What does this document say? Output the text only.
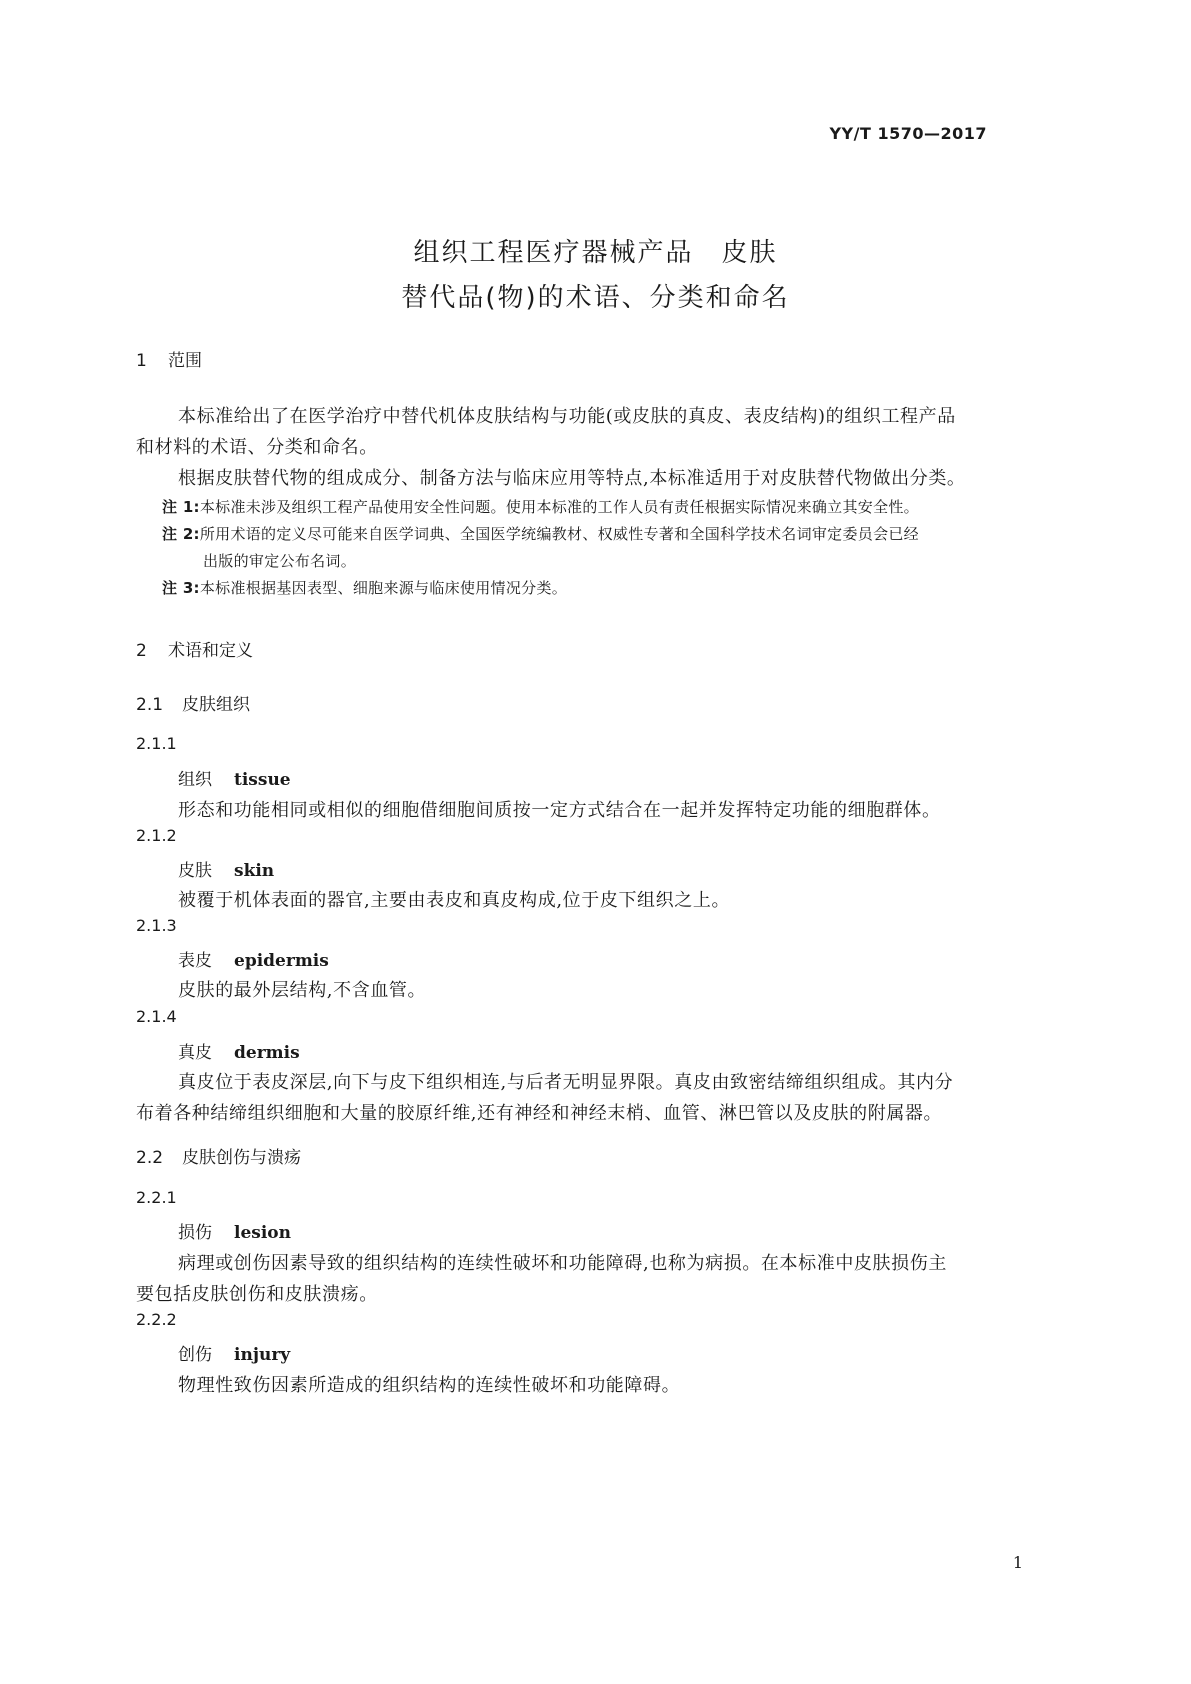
YY/T 1570—2017
组织工程医疗器械产品　皮肤
替代品(物)的术语、分类和命名
1 范围
本标准给出了在医学治疗中替代机体皮肤结构与功能(或皮肤的真皮、表皮结构)的组织工程产品
和材料的术语、分类和命名。
根据皮肤替代物的组成成分、制备方法与临床应用等特点,本标准适用于对皮肤替代物做出分类。
注 1:本标准未涉及组织工程产品使用安全性问题。使用本标准的工作人员有责任根据实际情况来确立其安全性。
注 2:所用术语的定义尽可能来自医学词典、全国医学统编教材、权威性专著和全国科学技术名词审定委员会已经
出版的审定公布名词。
注 3:本标准根据基因表型、细胞来源与临床使用情况分类。
2 术语和定义
2.1 皮肤组织
2.1.1
组织 tissue
形态和功能相同或相似的细胞借细胞间质按一定方式结合在一起并发挥特定功能的细胞群体。
2.1.2
皮肤 skin
被覆于机体表面的器官,主要由表皮和真皮构成,位于皮下组织之上。
2.1.3
表皮 epidermis
皮肤的最外层结构,不含血管。
2.1.4
真皮 dermis
真皮位于表皮深层,向下与皮下组织相连,与后者无明显界限。真皮由致密结缔组织组成。其内分
布着各种结缔组织细胞和大量的胶原纤维,还有神经和神经末梢、血管、淋巴管以及皮肤的附属器。
2.2 皮肤创伤与溃疡
2.2.1
损伤 lesion
病理或创伤因素导致的组织结构的连续性破坏和功能障碍,也称为病损。在本标准中皮肤损伤主
要包括皮肤创伤和皮肤溃疡。
2.2.2
创伤 injury
物理性致伤因素所造成的组织结构的连续性破坏和功能障碍。
1
